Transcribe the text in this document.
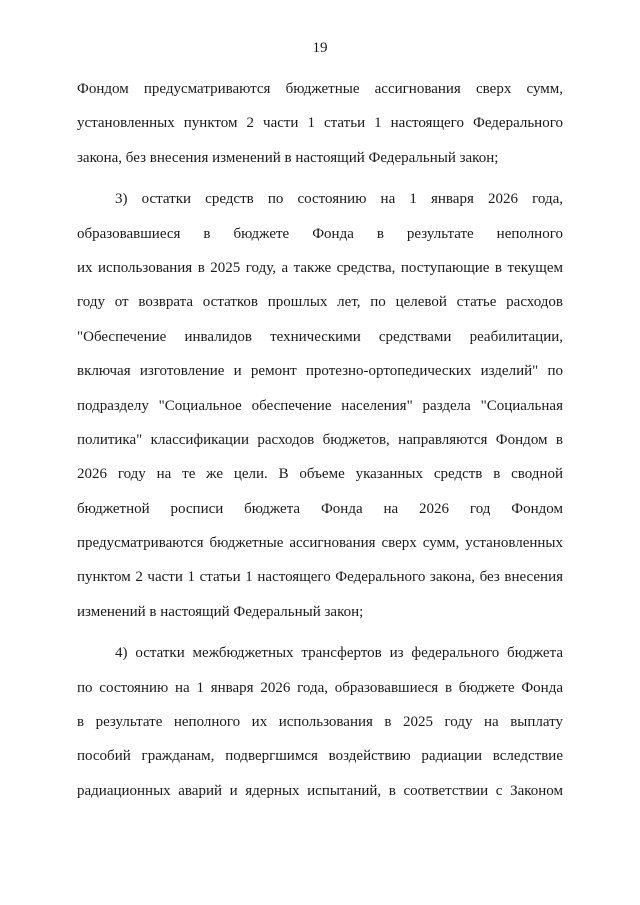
19
Фондом предусматриваются бюджетные ассигнования сверх сумм,
установленных пунктом 2 части 1 статьи 1 настоящего Федерального
закона, без внесения изменений в настоящий Федеральный закон;
3) остатки средств по состоянию на 1 января 2026 года,
образовавшиеся в бюджете Фонда в результате неполного
их использования в 2025 году, а также средства, поступающие в текущем
году от возврата остатков прошлых лет, по целевой статье расходов
"Обеспечение инвалидов техническими средствами реабилитации,
включая изготовление и ремонт протезно-ортопедических изделий" по
подразделу "Социальное обеспечение населения" раздела "Социальная
политика" классификации расходов бюджетов, направляются Фондом в
2026 году на те же цели. В объеме указанных средств в сводной
бюджетной росписи бюджета Фонда на 2026 год Фондом
предусматриваются бюджетные ассигнования сверх сумм, установленных
пунктом 2 части 1 статьи 1 настоящего Федерального закона, без внесения
изменений в настоящий Федеральный закон;
4) остатки межбюджетных трансфертов из федерального бюджета
по состоянию на 1 января 2026 года, образовавшиеся в бюджете Фонда
в результате неполного их использования в 2025 году на выплату
пособий гражданам, подвергшимся воздействию радиации вследствие
радиационных аварий и ядерных испытаний, в соответствии с Законом
